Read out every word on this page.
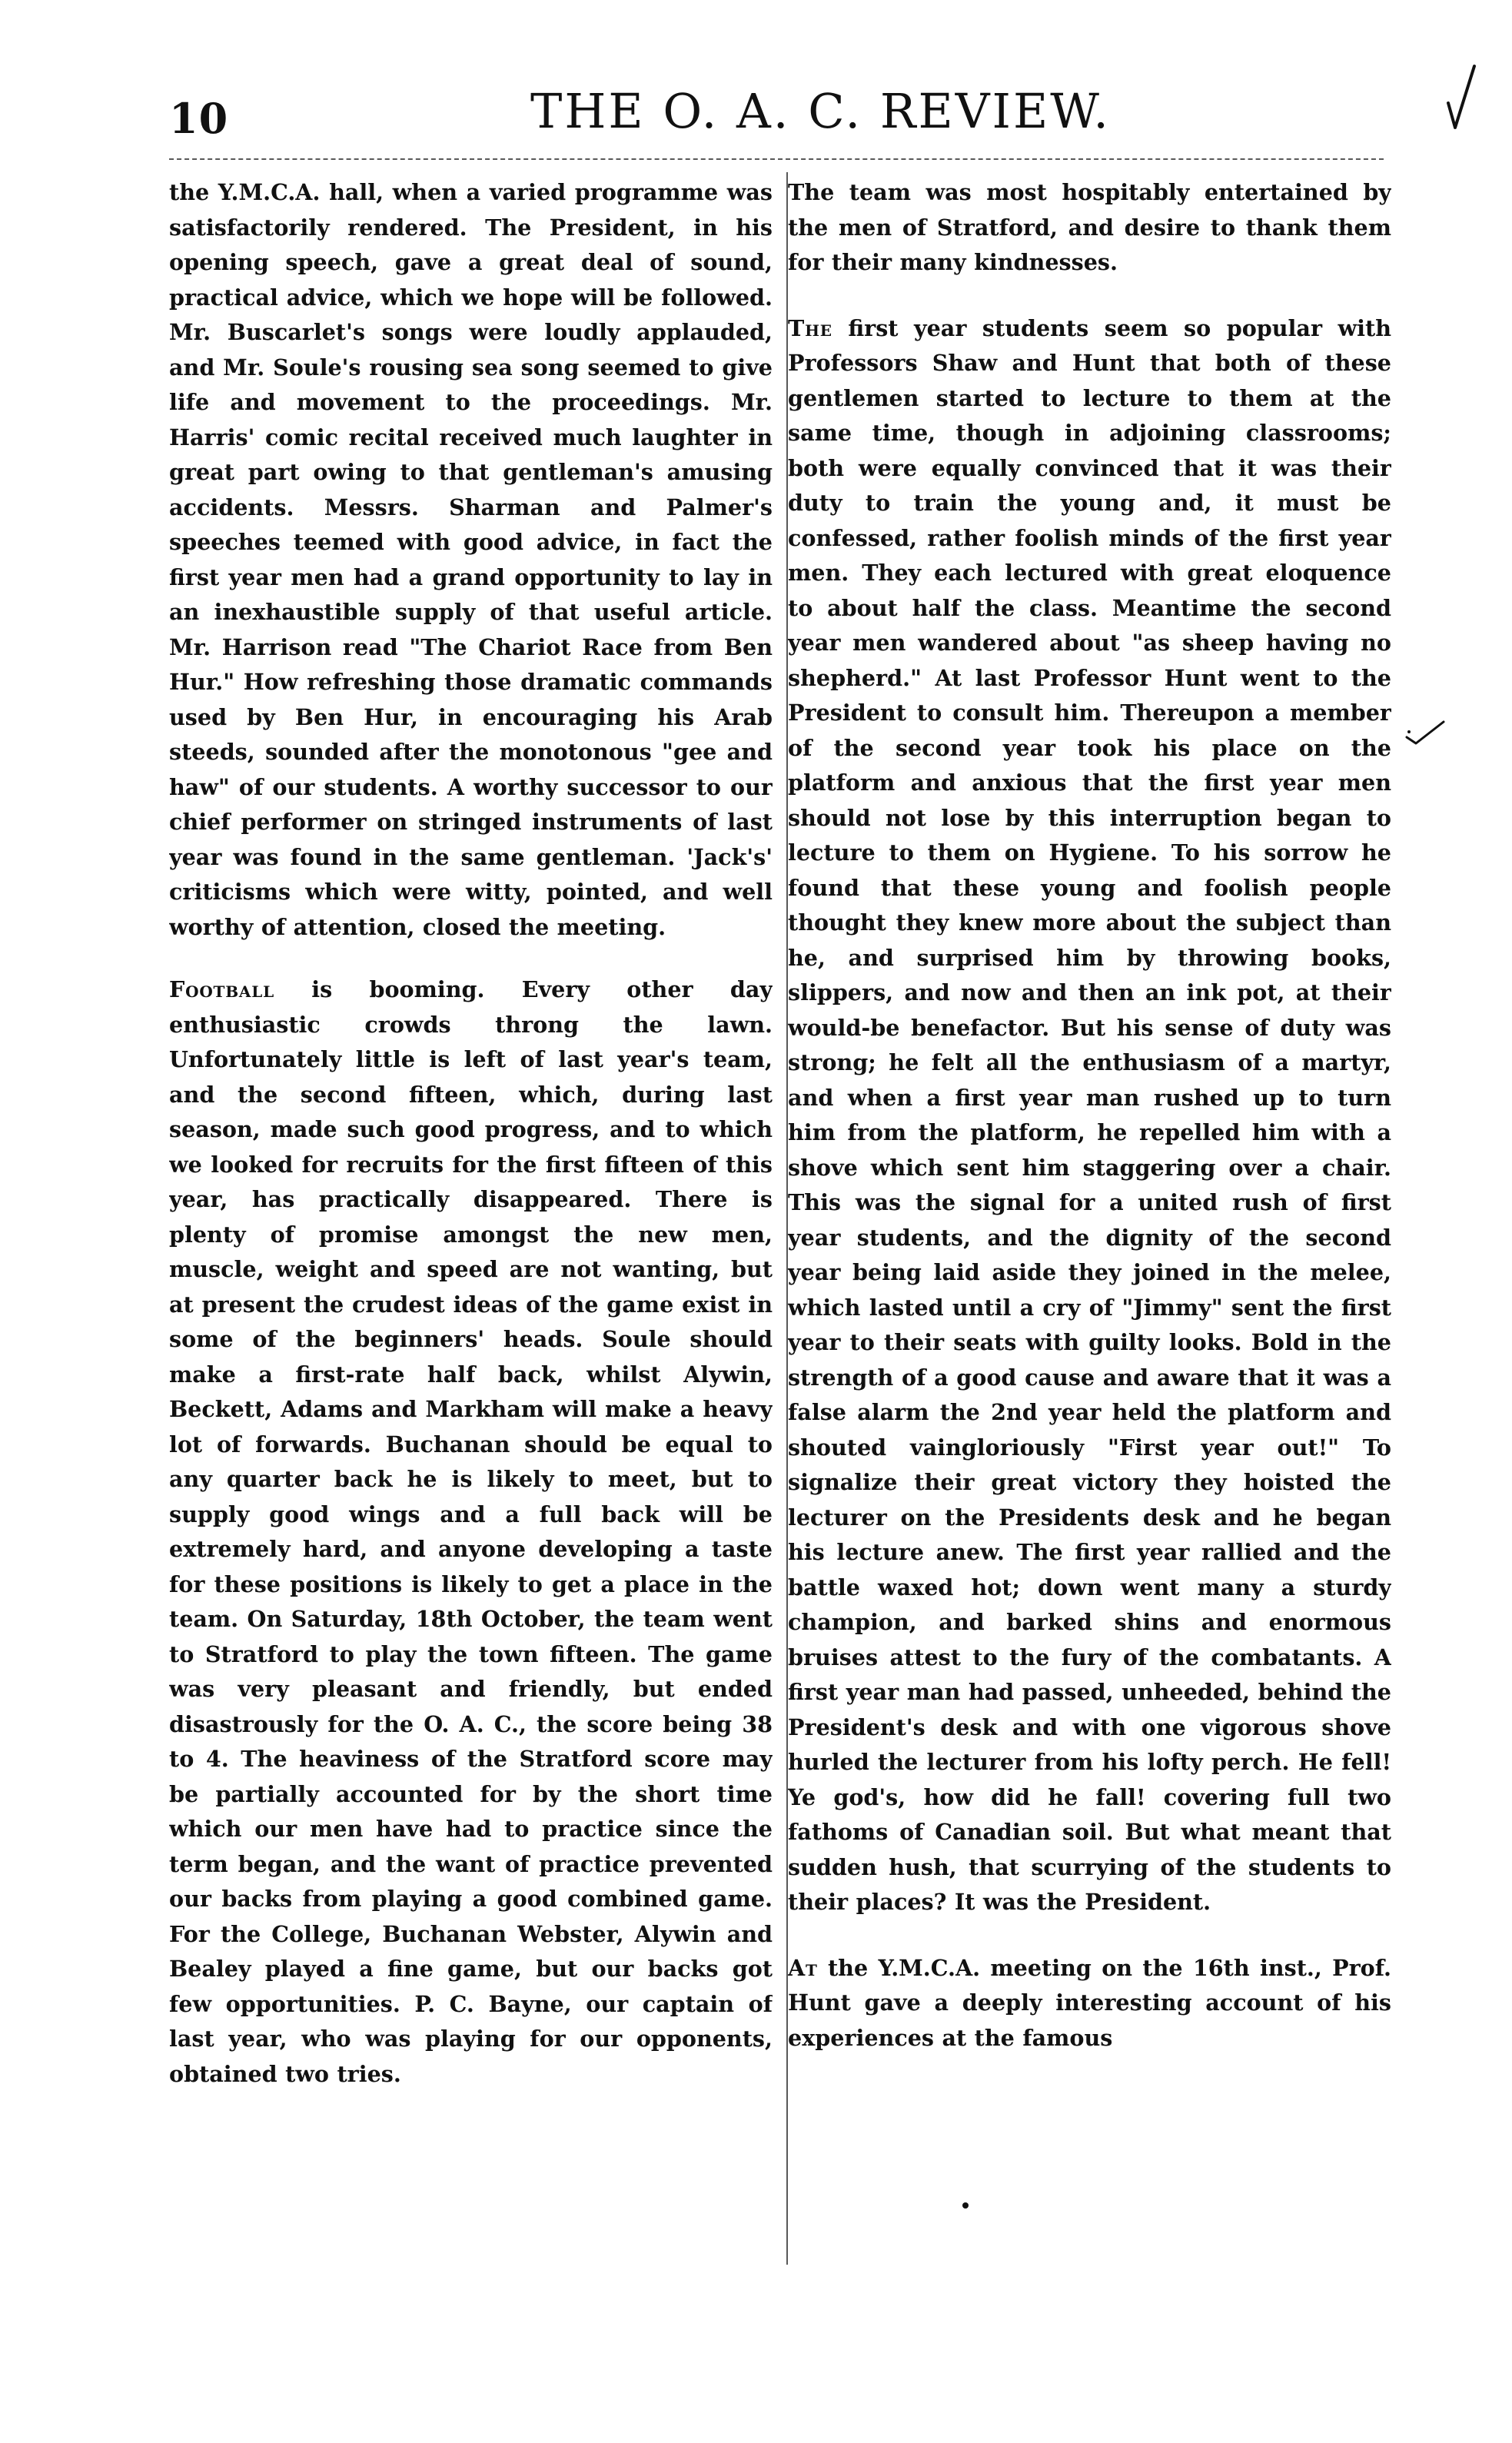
10	THE O. A. C. REVIEW.

the Y.M.C.A. hall, when a varied programme was satisfactorily rendered. The President, in his opening speech, gave a great deal of sound, practical advice, which we hope will be followed. Mr. Buscarlet's songs were loudly applauded, and Mr. Soule's rousing sea song seemed to give life and movement to the proceedings. Mr. Harris' comic recital received much laughter in great part owing to that gentleman's amusing accidents. Messrs. Sharman and Palmer's speeches teemed with good advice, in fact the first year men had a grand opportunity to lay in an inexhaustible supply of that useful article. Mr. Harrison read "The Chariot Race from Ben Hur." How refreshing those dramatic commands used by Ben Hur, in encouraging his Arab steeds, sounded after the monotonous "gee and haw" of our students. A worthy successor to our chief performer on stringed instruments of last year was found in the same gentleman. 'Jack's' criticisms which were witty, pointed, and well worthy of attention, closed the meeting.

Football is booming. Every other day enthusiastic crowds throng the lawn. Unfortunately little is left of last year's team, and the second fifteen, which, during last season, made such good progress, and to which we looked for recruits for the first fifteen of this year, has practically disappeared. There is plenty of promise amongst the new men, muscle, weight and speed are not wanting, but at present the crudest ideas of the game exist in some of the beginners' heads. Soule should make a first-rate half back, whilst Alywin, Beckett, Adams and Markham will make a heavy lot of forwards. Buchanan should be equal to any quarter back he is likely to meet, but to supply good wings and a full back will be extremely hard, and anyone developing a taste for these positions is likely to get a place in the team. On Saturday, 18th October, the team went to Stratford to play the town fifteen. The game was very pleasant and friendly, but ended disastrously for the O. A. C., the score being 38 to 4. The heaviness of the Stratford score may be partially accounted for by the short time which our men have had to practice since the term began, and the want of practice prevented our backs from playing a good combined game. For the College, Buchanan Webster, Alywin and Bealey played a fine game, but our backs got few opportunities. P. C. Bayne, our captain of last year, who was playing for our opponents, obtained two tries.

The team was most hospitably entertained by the men of Stratford, and desire to thank them for their many kindnesses.

The first year students seem so popular with Professors Shaw and Hunt that both of these gentlemen started to lecture to them at the same time, though in adjoining classrooms; both were equally convinced that it was their duty to train the young and, it must be confessed, rather foolish minds of the first year men. They each lectured with great eloquence to about half the class. Meantime the second year men wandered about "as sheep having no shepherd." At last Professor Hunt went to the President to consult him. Thereupon a member of the second year took his place on the platform and anxious that the first year men should not lose by this interruption began to lecture to them on Hygiene. To his sorrow he found that these young and foolish people thought they knew more about the subject than he, and surprised him by throwing books, slippers, and now and then an ink pot, at their would-be benefactor. But his sense of duty was strong; he felt all the enthusiasm of a martyr, and when a first year man rushed up to turn him from the platform, he repelled him with a shove which sent him staggering over a chair. This was the signal for a united rush of first year students, and the dignity of the second year being laid aside they joined in the melee, which lasted until a cry of "Jimmy" sent the first year to their seats with guilty looks. Bold in the strength of a good cause and aware that it was a false alarm the 2nd year held the platform and shouted vaingloriously "First year out!" To signalize their great victory they hoisted the lecturer on the Presidents desk and he began his lecture anew. The first year rallied and the battle waxed hot; down went many a sturdy champion, and barked shins and enormous bruises attest to the fury of the combatants. A first year man had passed, unheeded, behind the President's desk and with one vigorous shove hurled the lecturer from his lofty perch. He fell! Ye god's, how did he fall! covering full two fathoms of Canadian soil. But what meant that sudden hush, that scurrying of the students to their places? It was the President.

At the Y.M.C.A. meeting on the 16th inst., Prof. Hunt gave a deeply interesting account of his experiences at the famous
